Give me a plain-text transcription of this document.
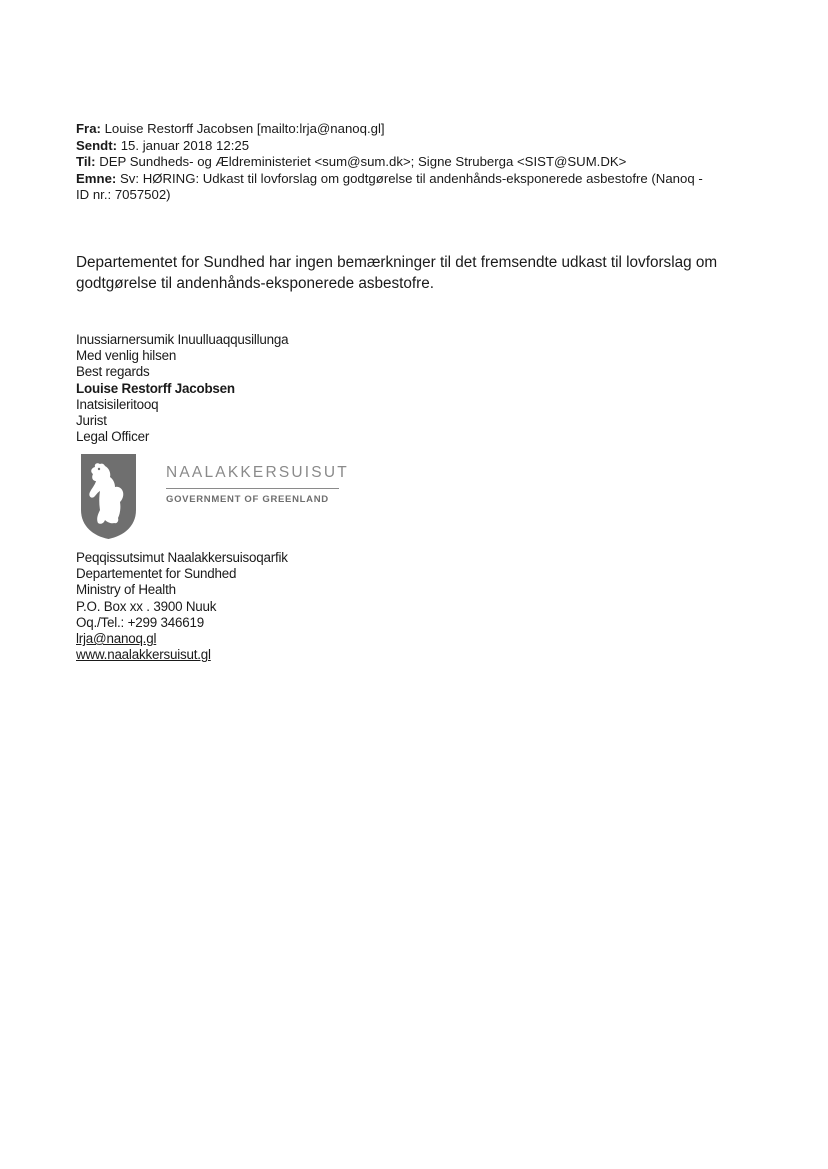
Fra: Louise Restorff Jacobsen [mailto:lrja@nanoq.gl]

Sendt: 15. januar 2018 12:25

Til: DEP Sundheds- og Ældreministeriet <sum@sum.dk>; Signe Struberga <SIST@SUM.DK>

Emne: Sv: HØRING: Udkast til lovforslag om godtgørelse til andenhånds-eksponerede asbestofre (Nanoq -
ID nr.: 7057502)

Departementet for Sundhed har ingen bemærkninger til det fremsendte udkast til lovforslag om
godtgørelse til andenhånds-eksponerede asbestofre.

Inussiarnersumik Inuulluaqqusillunga

Med venlig hilsen

Best regards

Louise Restorff Jacobsen

Inatsisileritooq

Jurist

Legal Officer

NAALAKKERSUISUT
GOVERNMENT OF GREENLAND

Peqqissutsimut Naalakkersuisoqarfik

Departementet for Sundhed

Ministry of Health

P.O. Box xx . 3900 Nuuk

Oq./Tel.: +299 346619

lrja@nanoq.gl

www.naalakkersuisut.gl
